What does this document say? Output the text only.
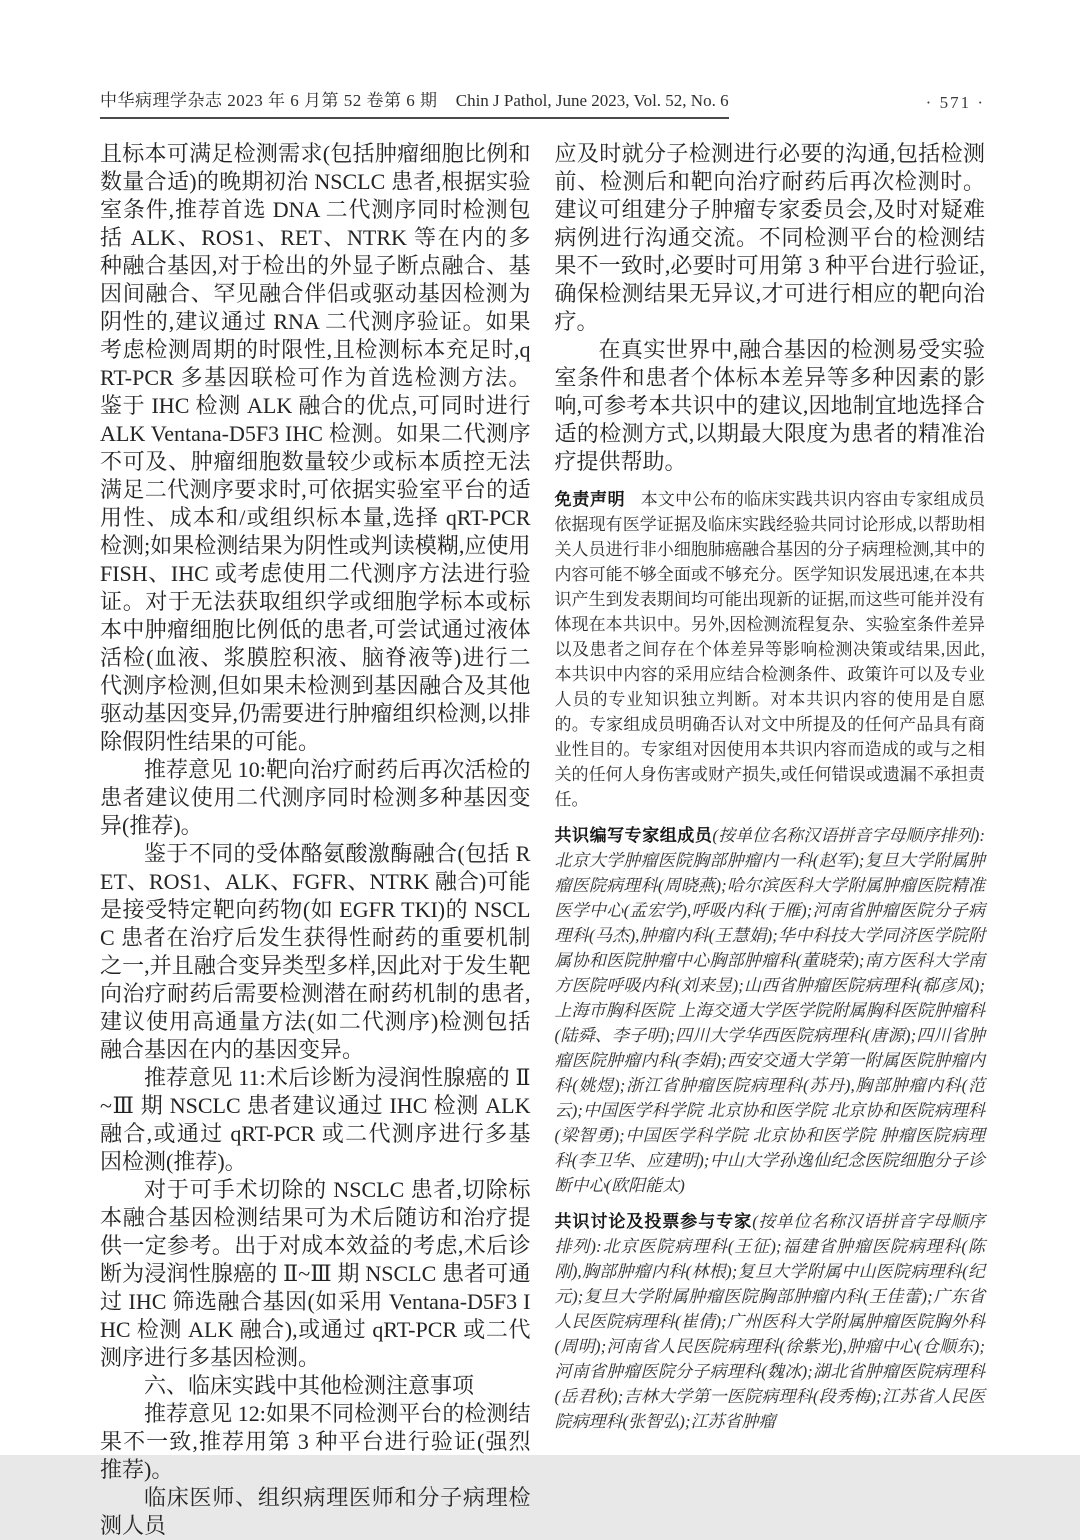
中华病理学杂志 2023 年 6 月第 52 卷第 6 期 Chin J Pathol, June 2023, Vol. 52, No. 6	· 571 ·

且标本可满足检测需求(包括肿瘤细胞比例和数量合适)的晚期初治 NSCLC 患者,根据实验室条件,推荐首选 DNA 二代测序同时检测包括 ALK、ROS1、RET、NTRK 等在内的多种融合基因,对于检出的外显子断点融合、基因间融合、罕见融合伴侣或驱动基因检测为阴性的,建议通过 RNA 二代测序验证。如果考虑检测周期的时限性,且检测标本充足时,qRT-PCR 多基因联检可作为首选检测方法。鉴于 IHC 检测 ALK 融合的优点,可同时进行 ALK Ventana-D5F3 IHC 检测。如果二代测序不可及、肿瘤细胞数量较少或标本质控无法满足二代测序要求时,可依据实验室平台的适用性、成本和/或组织标本量,选择 qRT-PCR 检测;如果检测结果为阴性或判读模糊,应使用 FISH、IHC 或考虑使用二代测序方法进行验证。对于无法获取组织学或细胞学标本或标本中肿瘤细胞比例低的患者,可尝试通过液体活检(血液、浆膜腔积液、脑脊液等)进行二代测序检测,但如果未检测到基因融合及其他驱动基因变异,仍需要进行肿瘤组织检测,以排除假阴性结果的可能。

推荐意见 10:靶向治疗耐药后再次活检的患者建议使用二代测序同时检测多种基因变异(推荐)。

鉴于不同的受体酪氨酸激酶融合(包括 RET、ROS1、ALK、FGFR、NTRK 融合)可能是接受特定靶向药物(如 EGFR TKI)的 NSCLC 患者在治疗后发生获得性耐药的重要机制之一,并且融合变异类型多样,因此对于发生靶向治疗耐药后需要检测潜在耐药机制的患者,建议使用高通量方法(如二代测序)检测包括融合基因在内的基因变异。

推荐意见 11:术后诊断为浸润性腺癌的 Ⅱ~Ⅲ 期 NSCLC 患者建议通过 IHC 检测 ALK 融合,或通过 qRT-PCR 或二代测序进行多基因检测(推荐)。

对于可手术切除的 NSCLC 患者,切除标本融合基因检测结果可为术后随访和治疗提供一定参考。出于对成本效益的考虑,术后诊断为浸润性腺癌的 Ⅱ~Ⅲ 期 NSCLC 患者可通过 IHC 筛选融合基因(如采用 Ventana-D5F3 IHC 检测 ALK 融合),或通过 qRT-PCR 或二代测序进行多基因检测。

六、临床实践中其他检测注意事项

推荐意见 12:如果不同检测平台的检测结果不一致,推荐用第 3 种平台进行验证(强烈推荐)。

临床医师、组织病理医师和分子病理检测人员

应及时就分子检测进行必要的沟通,包括检测前、检测后和靶向治疗耐药后再次检测时。建议可组建分子肿瘤专家委员会,及时对疑难病例进行沟通交流。不同检测平台的检测结果不一致时,必要时可用第 3 种平台进行验证,确保检测结果无异议,才可进行相应的靶向治疗。

在真实世界中,融合基因的检测易受实验室条件和患者个体标本差异等多种因素的影响,可参考本共识中的建议,因地制宜地选择合适的检测方式,以期最大限度为患者的精准治疗提供帮助。

免责声明 本文中公布的临床实践共识内容由专家组成员依据现有医学证据及临床实践经验共同讨论形成,以帮助相关人员进行非小细胞肺癌融合基因的分子病理检测,其中的内容可能不够全面或不够充分。医学知识发展迅速,在本共识产生到发表期间均可能出现新的证据,而这些可能并没有体现在本共识中。另外,因检测流程复杂、实验室条件差异以及患者之间存在个体差异等影响检测决策或结果,因此,本共识中内容的采用应结合检测条件、政策许可以及专业人员的专业知识独立判断。对本共识内容的使用是自愿的。专家组成员明确否认对文中所提及的任何产品具有商业性目的。专家组对因使用本共识内容而造成的或与之相关的任何人身伤害或财产损失,或任何错误或遗漏不承担责任。

共识编写专家组成员(按单位名称汉语拼音字母顺序排列):北京大学肿瘤医院胸部肿瘤内一科(赵军);复旦大学附属肿瘤医院病理科(周晓燕);哈尔滨医科大学附属肿瘤医院精准医学中心(孟宏学),呼吸内科(于雁);河南省肿瘤医院分子病理科(马杰),肿瘤内科(王慧娟);华中科技大学同济医学院附属协和医院肿瘤中心胸部肿瘤科(董晓荣);南方医科大学南方医院呼吸内科(刘来昱);山西省肿瘤医院病理科(郗彦凤);上海市胸科医院 上海交通大学医学院附属胸科医院肿瘤科(陆舜、李子明);四川大学华西医院病理科(唐源);四川省肿瘤医院肿瘤内科(李娟);西安交通大学第一附属医院肿瘤内科(姚煜);浙江省肿瘤医院病理科(苏丹),胸部肿瘤内科(范云);中国医学科学院 北京协和医学院 北京协和医院病理科(梁智勇);中国医学科学院 北京协和医学院 肿瘤医院病理科(李卫华、应建明);中山大学孙逸仙纪念医院细胞分子诊断中心(欧阳能太)

共识讨论及投票参与专家(按单位名称汉语拼音字母顺序排列):北京医院病理科(王征);福建省肿瘤医院病理科(陈刚),胸部肿瘤内科(林根);复旦大学附属中山医院病理科(纪元);复旦大学附属肿瘤医院胸部肿瘤内科(王佳蕾);广东省人民医院病理科(崔倩);广州医科大学附属肿瘤医院胸外科(周明);河南省人民医院病理科(徐紫光),肿瘤中心(仓顺东);河南省肿瘤医院分子病理科(魏冰);湖北省肿瘤医院病理科(岳君秋);吉林大学第一医院病理科(段秀梅);江苏省人民医院病理科(张智弘);江苏省肿瘤
